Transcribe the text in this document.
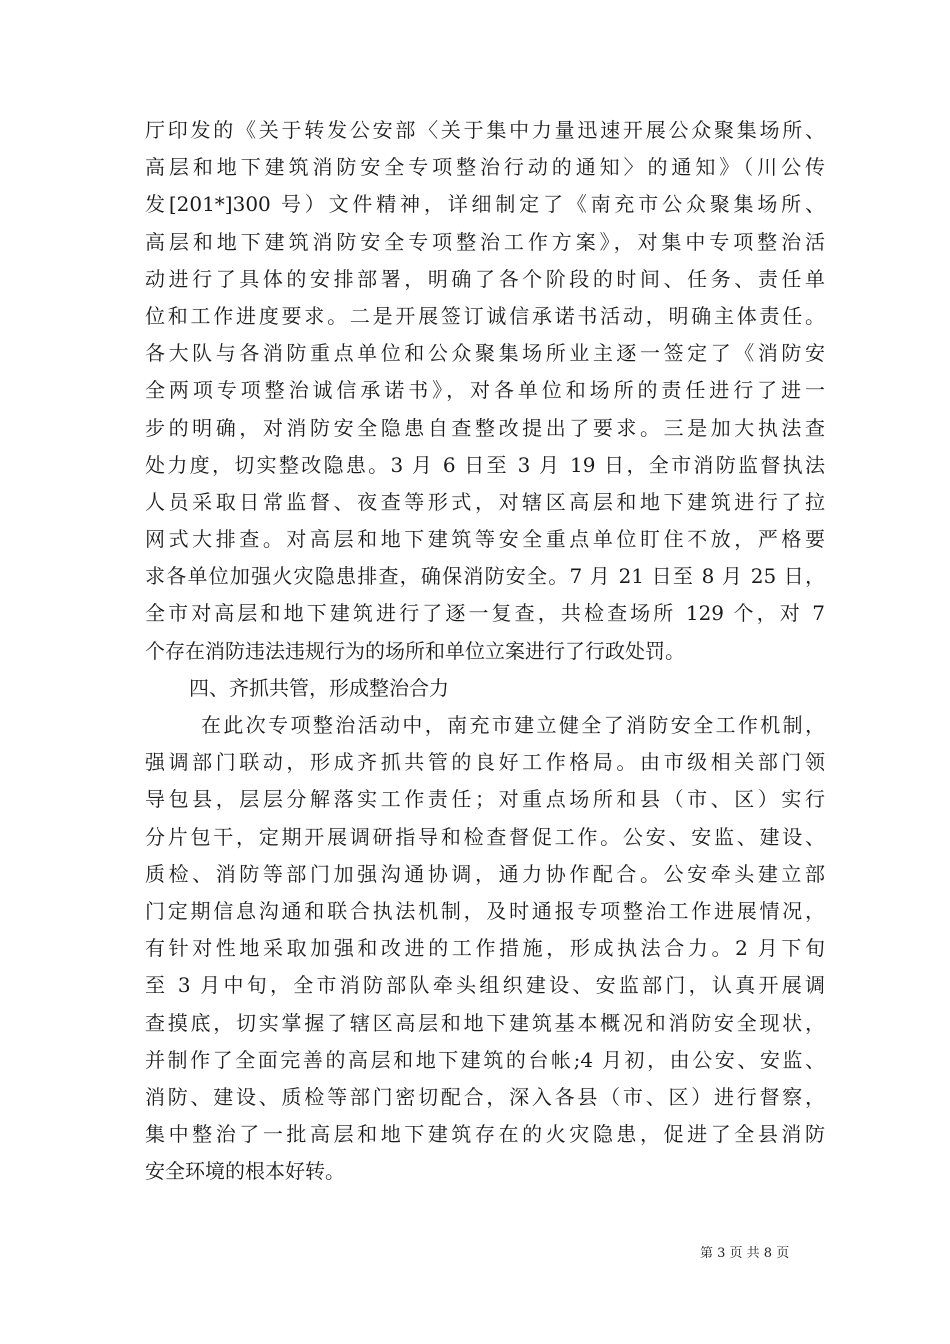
厅印发的《关于转发公安部〈关于集中力量迅速开展公众聚集场所、
高层和地下建筑消防安全专项整治行动的通知〉的通知》（川公传
发[201*]300 号）文件精神，详细制定了《南充市公众聚集场所、
高层和地下建筑消防安全专项整治工作方案》，对集中专项整治活
动进行了具体的安排部署，明确了各个阶段的时间、任务、责任单
位和工作进度要求。二是开展签订诚信承诺书活动，明确主体责任。
各大队与各消防重点单位和公众聚集场所业主逐一签定了《消防安
全两项专项整治诚信承诺书》，对各单位和场所的责任进行了进一
步的明确，对消防安全隐患自查整改提出了要求。三是加大执法查
处力度，切实整改隐患。3 月 6 日至 3 月 19 日，全市消防监督执法
人员采取日常监督、夜查等形式，对辖区高层和地下建筑进行了拉
网式大排查。对高层和地下建筑等安全重点单位盯住不放，严格要
求各单位加强火灾隐患排查，确保消防安全。7 月 21 日至 8 月 25 日，
全市对高层和地下建筑进行了逐一复查，共检查场所 129 个，对 7
个存在消防违法违规行为的场所和单位立案进行了行政处罚。
四、齐抓共管，形成整治合力
在此次专项整治活动中，南充市建立健全了消防安全工作机制，
强调部门联动，形成齐抓共管的良好工作格局。由市级相关部门领
导包县，层层分解落实工作责任；对重点场所和县（市、区）实行
分片包干，定期开展调研指导和检查督促工作。公安、安监、建设、
质检、消防等部门加强沟通协调，通力协作配合。公安牵头建立部
门定期信息沟通和联合执法机制，及时通报专项整治工作进展情况，
有针对性地采取加强和改进的工作措施，形成执法合力。2 月下旬
至 3 月中旬，全市消防部队牵头组织建设、安监部门，认真开展调
查摸底，切实掌握了辖区高层和地下建筑基本概况和消防安全现状，
并制作了全面完善的高层和地下建筑的台帐;4 月初，由公安、安监、
消防、建设、质检等部门密切配合，深入各县（市、区）进行督察，
集中整治了一批高层和地下建筑存在的火灾隐患，促进了全县消防
安全环境的根本好转。
第 3 页 共 8 页
